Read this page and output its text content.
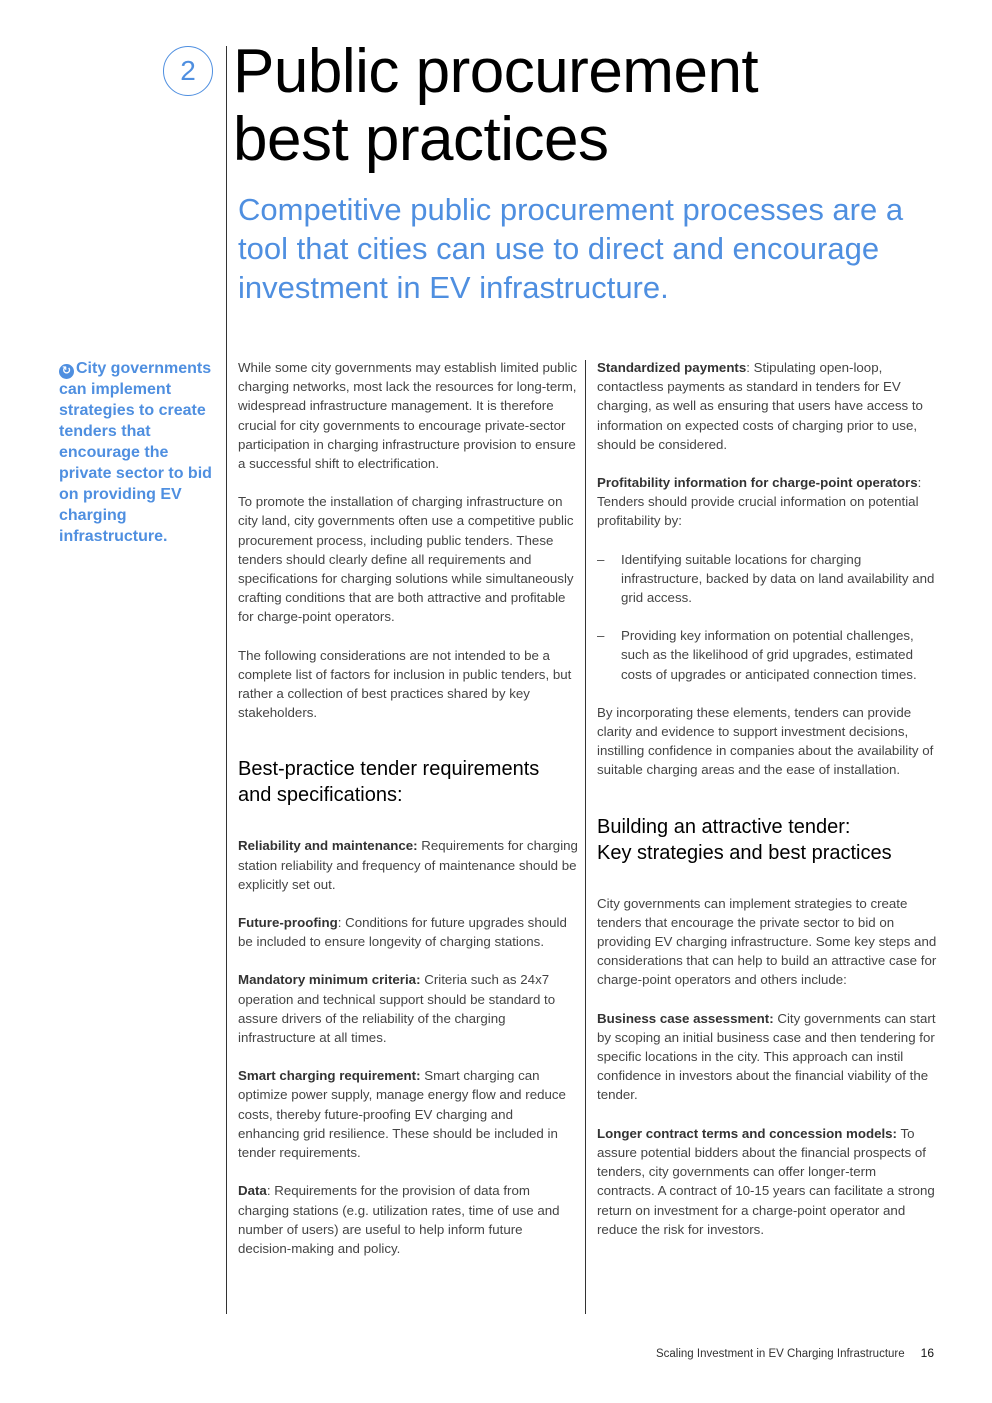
2 Public procurement
best practices
Competitive public procurement processes are a tool that cities can use to direct and encourage investment in EV infrastructure.
↻ City governments can implement strategies to create tenders that encourage the private sector to bid on providing EV charging infrastructure.

While some city governments may establish limited public charging networks, most lack the resources for long-term, widespread infrastructure management. It is therefore crucial for city governments to encourage private-sector participation in charging infrastructure provision to ensure a successful shift to electrification.

To promote the installation of charging infrastructure on city land, city governments often use a competitive public procurement process, including public tenders. These tenders should clearly define all requirements and specifications for charging solutions while simultaneously crafting conditions that are both attractive and profitable for charge-point operators.

The following considerations are not intended to be a complete list of factors for inclusion in public tenders, but rather a collection of best practices shared by key stakeholders.

Best-practice tender requirements
and specifications:

Reliability and maintenance: Requirements for charging station reliability and frequency of maintenance should be explicitly set out.

Future-proofing: Conditions for future upgrades should be included to ensure longevity of charging stations.

Mandatory minimum criteria: Criteria such as 24x7 operation and technical support should be standard to assure drivers of the reliability of the charging infrastructure at all times.

Smart charging requirement: Smart charging can optimize power supply, manage energy flow and reduce costs, thereby future-proofing EV charging and enhancing grid resilience. These should be included in tender requirements.

Data: Requirements for the provision of data from charging stations (e.g. utilization rates, time of use and number of users) are useful to help inform future decision-making and policy.

Standardized payments: Stipulating open-loop, contactless payments as standard in tenders for EV charging, as well as ensuring that users have access to information on expected costs of charging prior to use, should be considered.

Profitability information for charge-point operators: Tenders should provide crucial information on potential profitability by:

– Identifying suitable locations for charging infrastructure, backed by data on land availability and grid access.
– Providing key information on potential challenges, such as the likelihood of grid upgrades, estimated costs of upgrades or anticipated connection times.

By incorporating these elements, tenders can provide clarity and evidence to support investment decisions, instilling confidence in companies about the availability of suitable charging areas and the ease of installation.

Building an attractive tender:
Key strategies and best practices

City governments can implement strategies to create tenders that encourage the private sector to bid on providing EV charging infrastructure. Some key steps and considerations that can help to build an attractive case for charge-point operators and others include:

Business case assessment: City governments can start by scoping an initial business case and then tendering for specific locations in the city. This approach can instil confidence in investors about the financial viability of the tender.

Longer contract terms and concession models: To assure potential bidders about the financial prospects of tenders, city governments can offer longer-term contracts. A contract of 10-15 years can facilitate a strong return on investment for a charge-point operator and reduce the risk for investors.

Scaling Investment in EV Charging Infrastructure 16
